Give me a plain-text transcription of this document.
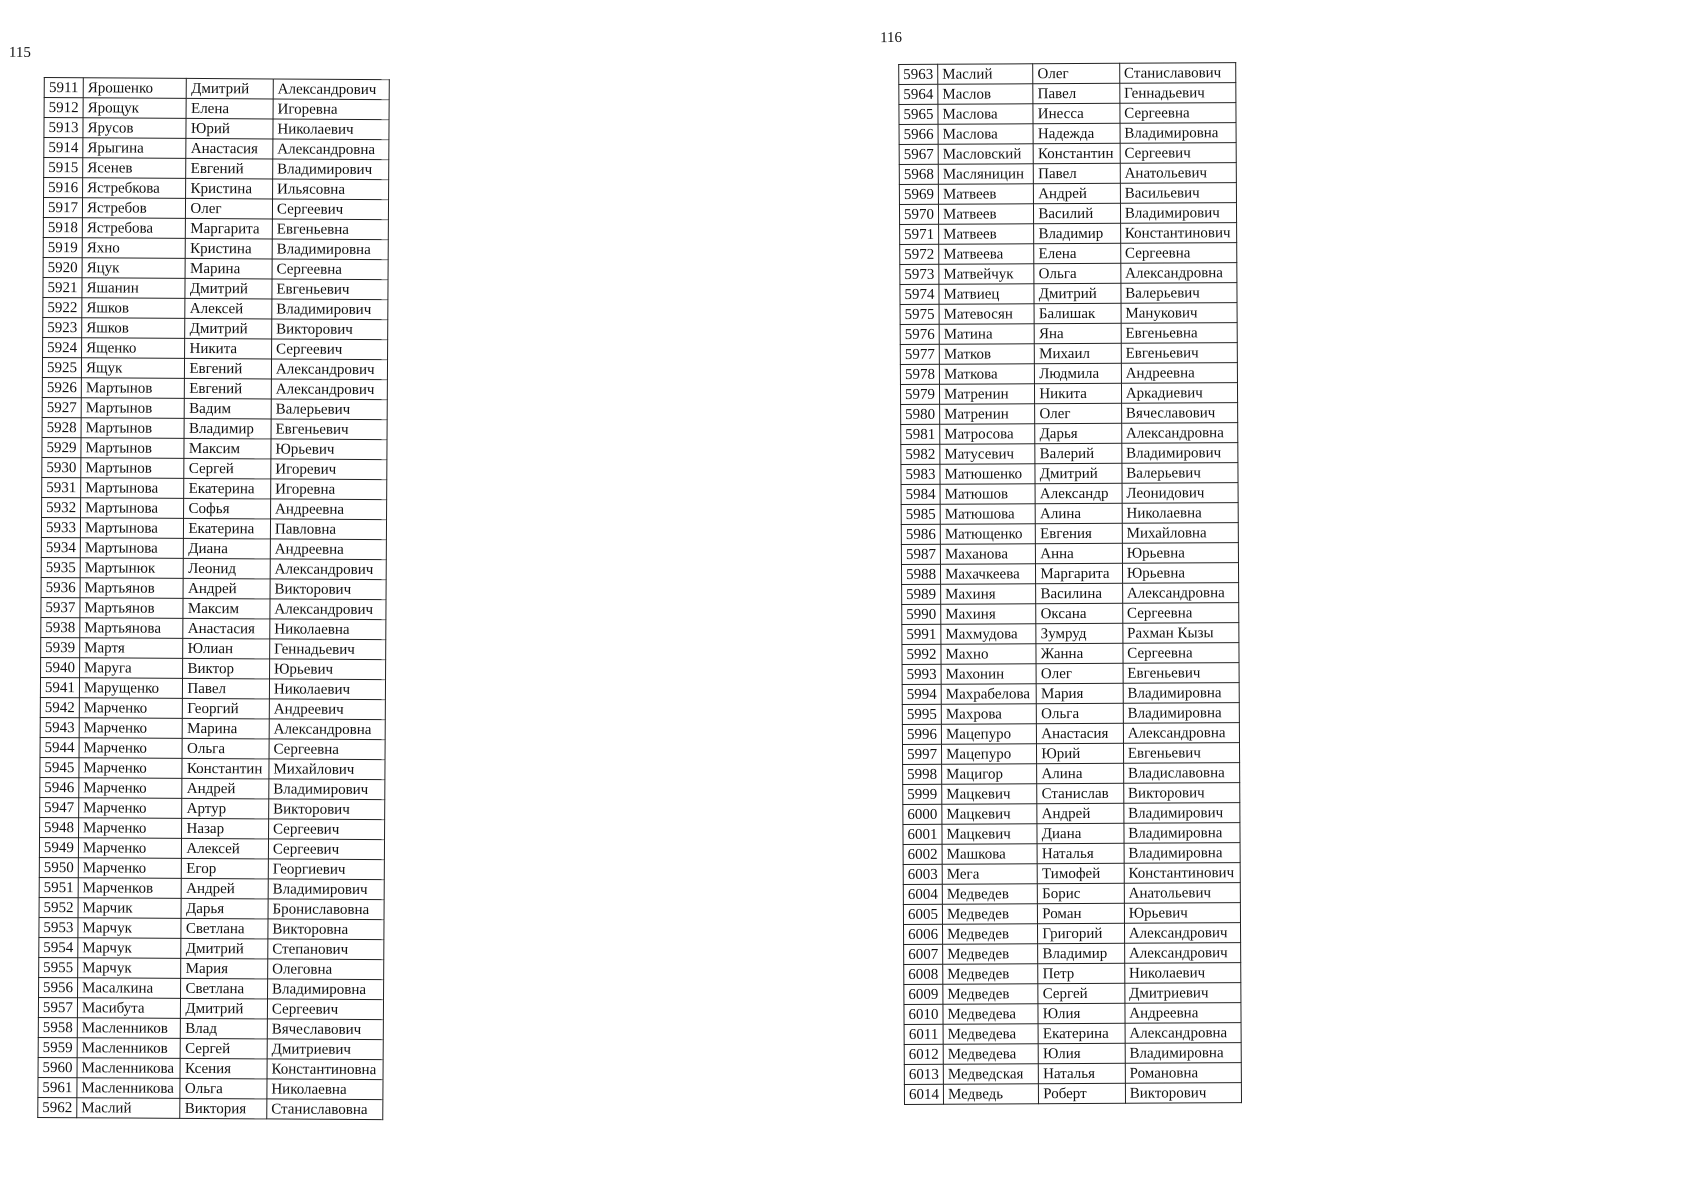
115
5911	Ярошенко	Дмитрий	Александрович
5912	Ярощук	Елена	Игоревна
5913	Ярусов	Юрий	Николаевич
5914	Ярыгина	Анастасия	Александровна
5915	Ясенев	Евгений	Владимирович
5916	Ястребкова	Кристина	Ильясовна
5917	Ястребов	Олег	Сергеевич
5918	Ястребова	Маргарита	Евгеньевна
5919	Яхно	Кристина	Владимировна
5920	Яцук	Марина	Сергеевна
5921	Яшанин	Дмитрий	Евгеньевич
5922	Яшков	Алексей	Владимирович
5923	Яшков	Дмитрий	Викторович
5924	Ященко	Никита	Сергеевич
5925	Ящук	Евгений	Александрович
5926	Мартынов	Евгений	Александрович
5927	Мартынов	Вадим	Валерьевич
5928	Мартынов	Владимир	Евгеньевич
5929	Мартынов	Максим	Юрьевич
5930	Мартынов	Сергей	Игоревич
5931	Мартынова	Екатерина	Игоревна
5932	Мартынова	Софья	Андреевна
5933	Мартынова	Екатерина	Павловна
5934	Мартынова	Диана	Андреевна
5935	Мартынюк	Леонид	Александрович
5936	Мартьянов	Андрей	Викторович
5937	Мартьянов	Максим	Александрович
5938	Мартьянова	Анастасия	Николаевна
5939	Мартя	Юлиан	Геннадьевич
5940	Маруга	Виктор	Юрьевич
5941	Марущенко	Павел	Николаевич
5942	Марченко	Георгий	Андреевич
5943	Марченко	Марина	Александровна
5944	Марченко	Ольга	Сергеевна
5945	Марченко	Константин	Михайлович
5946	Марченко	Андрей	Владимирович
5947	Марченко	Артур	Викторович
5948	Марченко	Назар	Сергеевич
5949	Марченко	Алексей	Сергеевич
5950	Марченко	Егор	Георгиевич
5951	Марченков	Андрей	Владимирович
5952	Марчик	Дарья	Брониславовна
5953	Марчук	Светлана	Викторовна
5954	Марчук	Дмитрий	Степанович
5955	Марчук	Мария	Олеговна
5956	Масалкина	Светлана	Владимировна
5957	Масибута	Дмитрий	Сергеевич
5958	Масленников	Влад	Вячеславович
5959	Масленников	Сергей	Дмитриевич
5960	Масленникова	Ксения	Константиновна
5961	Масленникова	Ольга	Николаевна
5962	Маслий	Виктория	Станиславовна
116
5963	Маслий	Олег	Станиславович
5964	Маслов	Павел	Геннадьевич
5965	Маслова	Инесса	Сергеевна
5966	Маслова	Надежда	Владимировна
5967	Масловский	Константин	Сергеевич
5968	Масляницин	Павел	Анатольевич
5969	Матвеев	Андрей	Васильевич
5970	Матвеев	Василий	Владимирович
5971	Матвеев	Владимир	Константинович
5972	Матвеева	Елена	Сергеевна
5973	Матвейчук	Ольга	Александровна
5974	Матвиец	Дмитрий	Валерьевич
5975	Матевосян	Балишак	Манукович
5976	Матина	Яна	Евгеньевна
5977	Матков	Михаил	Евгеньевич
5978	Маткова	Людмила	Андреевна
5979	Матренин	Никита	Аркадиевич
5980	Матренин	Олег	Вячеславович
5981	Матросова	Дарья	Александровна
5982	Матусевич	Валерий	Владимирович
5983	Матюшенко	Дмитрий	Валерьевич
5984	Матюшов	Александр	Леонидович
5985	Матюшова	Алина	Николаевна
5986	Матющенко	Евгения	Михайловна
5987	Маханова	Анна	Юрьевна
5988	Махачкеева	Маргарита	Юрьевна
5989	Махиня	Василина	Александровна
5990	Махиня	Оксана	Сергеевна
5991	Махмудова	Зумруд	Рахман Кызы
5992	Махно	Жанна	Сергеевна
5993	Махонин	Олег	Евгеньевич
5994	Махрабелова	Мария	Владимировна
5995	Махрова	Ольга	Владимировна
5996	Мацепуро	Анастасия	Александровна
5997	Мацепуро	Юрий	Евгеньевич
5998	Мацигор	Алина	Владиславовна
5999	Мацкевич	Станислав	Викторович
6000	Мацкевич	Андрей	Владимирович
6001	Мацкевич	Диана	Владимировна
6002	Машкова	Наталья	Владимировна
6003	Мега	Тимофей	Константинович
6004	Медведев	Борис	Анатольевич
6005	Медведев	Роман	Юрьевич
6006	Медведев	Григорий	Александрович
6007	Медведев	Владимир	Александрович
6008	Медведев	Петр	Николаевич
6009	Медведев	Сергей	Дмитриевич
6010	Медведева	Юлия	Андреевна
6011	Медведева	Екатерина	Александровна
6012	Медведева	Юлия	Владимировна
6013	Медведская	Наталья	Романовна
6014	Медведь	Роберт	Викторович
